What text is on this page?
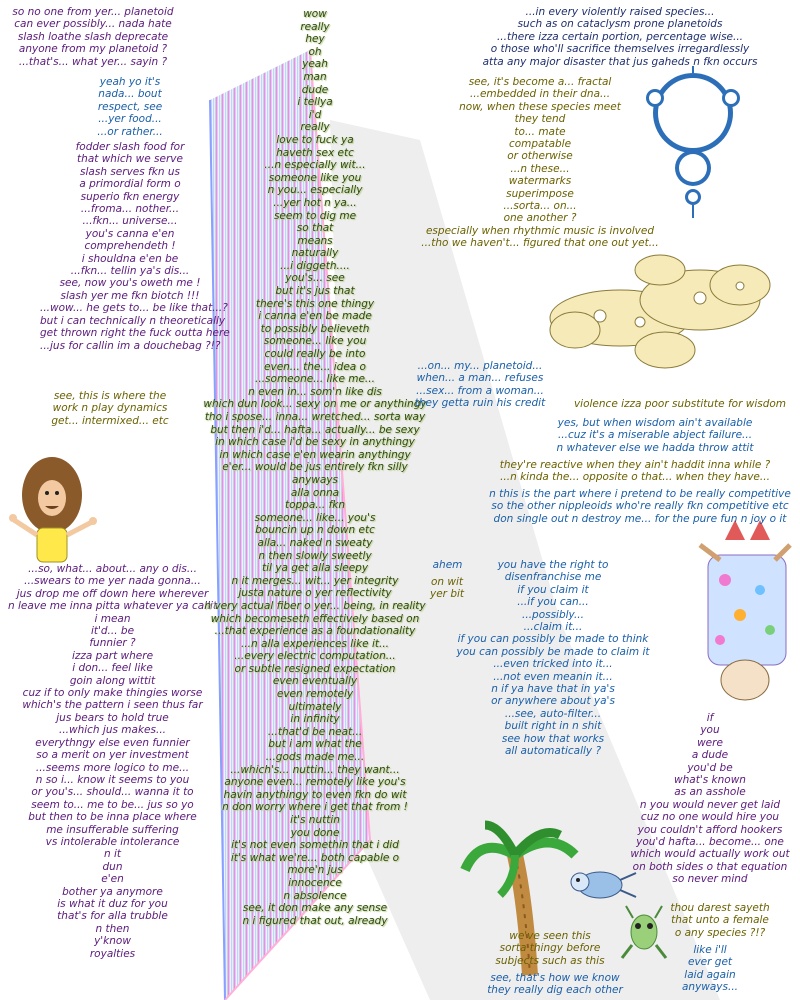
so no one from yer... planetoid
can ever possibly... nada hate
slash loathe slash deprecate
anyone from my planetoid ?
...that's... what yer... sayin ?
yeah yo it's
nada... bout
respect, see
...yer food...
...or rather...
fodder slash food for
that which we serve
slash serves fkn us
a primordial form o
superio fkn energy
...froma... nother...
...fkn... universe...
you's canna e'en
comprehendeth !
i shouldna e'en be
...fkn... tellin ya's dis...
see, now you's oweth me !
slash yer me fkn biotch !!!
...wow... he gets to... be like that...?
but i can technically n theoretically
get thrown right the fuck outta here
...jus for callin im a douchebag ?!?
see, this is where the
work n play dynamics
get... intermixed... etc
...so, what... about... any o dis...
...swears to me yer nada gonna...
jus drop me off down here wherever
n leave me inna pitta whatever ya callit
i mean
it'd... be
funnier ?
izza part where
i don... feel like
goin along wittit
cuz if to only make thingies worse
which's the pattern i seen thus far
jus bears to hold true
...which jus makes...
everythngy else even funnier
so a merit on yer investment
...seems more logico to me...
n so i... know it seems to you
or you's... should... wanna it to
seem to... me to be... jus so yo
but then to be inna place where
me insufferable suffering
vs intolerable intolerance
n it
dun
e'en
bother ya anymore
is what it duz for you
that's for alla trubble
n then
y'know
royalties
wow
really
hey
oh
yeah
man
dude
i tellya
i'd
really
love to fuck ya
haveth sex etc
...n especially wit...
someone like you
n you... especially
...yer hot n ya...
seem to dig me
so that
means
naturally
...i diggeth....
you's... see
but it's jus that
there's this one thingy
i canna e'en be made
to possibly believeth
someone... like you
could really be into
even... the... idea o
...someone... like me...
n even in... som'n like dis
which dun look... sexy on me or anythingy
tho i spose... inna... wretched... sorta way
but then i'd... hafta... actually... be sexy
in which case i'd be sexy in anythingy
in which case e'en wearin anythingy
e'er... would be jus entirely fkn silly
anyways
alla onna
toppa... fkn
someone... like... you's
bouncin up n down etc
alla... naked n sweaty
n then slowly sweetly
til ya get alla sleepy
n it merges... wit... yer integrity
justa nature o yer reflectivity
n very actual fiber o yer... being, in reality
which becomeseth effectively based on
...that experience as a foundationality
...n alla experiences like it...
...every electric computation...
or subtle resigned expectation
even eventually
even remotely
ultimately
in infinity
...that'd be neat...
but i am what the
...gods made me...
...which's... nuttin... they want...
anyone even... remotely like you's
havin anythingy to even fkn do wit
n don worry where i get that from !
it's nuttin
you done
it's not even somethin that i did
it's what we're... both capable o
more'n jus
innocence
n absolence
see, it don make any sense
n i figured that out, already
...in every violently raised species...
such as on cataclysm prone planetoids
...there izza certain portion, percentage wise...
o those who'll sacrifice themselves irregardlessly
atta any major disaster that jus gaheds n fkn occurs
see, it's become a... fractal
...embedded in their dna...
now, when these species meet
they tend
to... mate
compatable
or otherwise
...n these...
watermarks
superimpose
...sorta... on...
one another ?
especially when rhythmic music is involved
...tho we haven't... figured that one out yet...
...on... my... planetoid...
when... a man... refuses
...sex... from a woman...
they getta ruin his credit	violence izza poor substitute for wisdom
yes, but when wisdom ain't available
...cuz it's a miserable abject failure...
n whatever else we hadda throw attit
they're reactive when they ain't haddit inna while ?
...n kinda the... opposite o that... when they have...
n this is the part where i pretend to be really competitive
so the other nippleoids who're really fkn competitive etc
don single out n destroy me... for the pure fun n joy o it
ahem
on wit
yer bit
you have the right to
disenfranchise me
if you claim it
...if you can...
...possibly...
...claim it...
if you can possibly be made to think
you can possibly be made to claim it
...even tricked into it...
...not even meanin it...
n if ya have that in ya's
or anywhere about ya's
...see, auto-filter...
built right in n shit
see how that works
all automatically ?
if
you
were
a dude
you'd be
what's known
as an asshole
n you would never get laid
cuz no one would hire you
you couldn't afford hookers
you'd hafta... become... one
which would actually work out
on both sides o that equation
so never mind
thou darest sayeth
that unto a female
o any species ?!?
like i'll
ever get
laid again
anyways...
we've seen this
sorta thingy before
subjects such as this
see, that's how we know
they really dig each other
